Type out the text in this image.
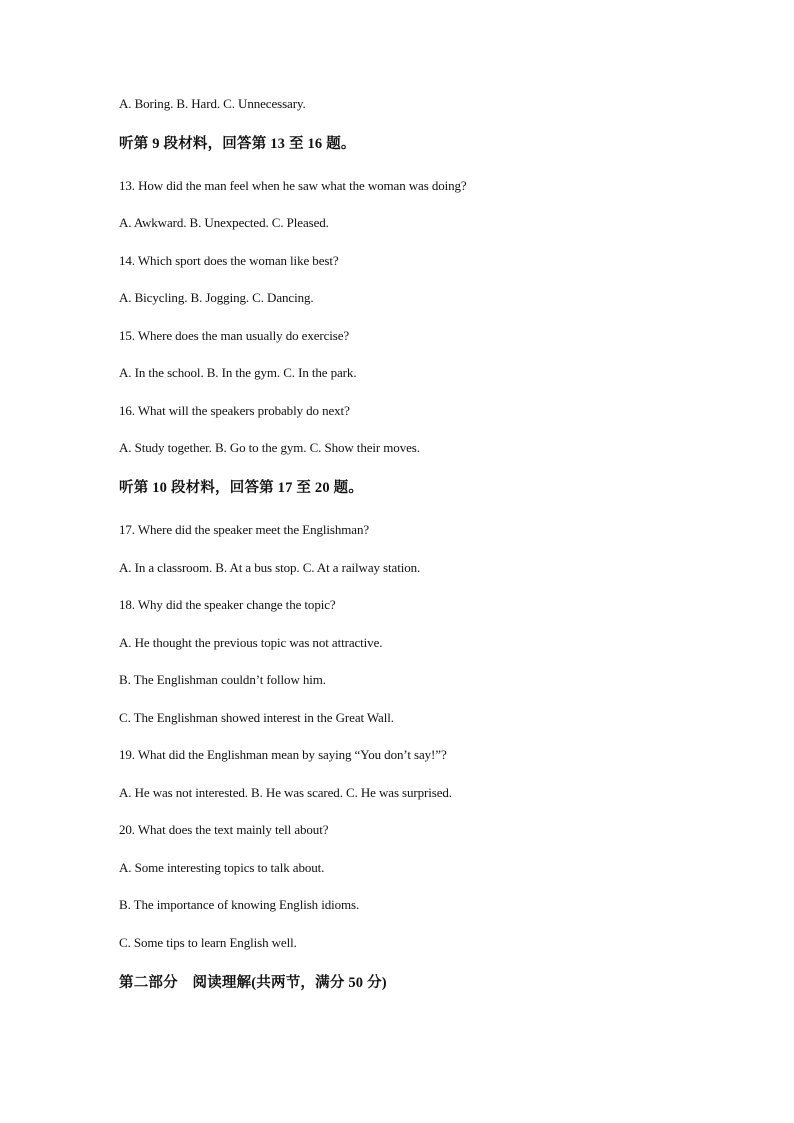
A. Boring. B. Hard. C. Unnecessary.
听第 9 段材料，回答第 13 至 16 题。
13. How did the man feel when he saw what the woman was doing?
A. Awkward. B. Unexpected. C. Pleased.
14. Which sport does the woman like best?
A. Bicycling. B. Jogging. C. Dancing.
15. Where does the man usually do exercise?
A. In the school. B. In the gym. C. In the park.
16. What will the speakers probably do next?
A. Study together. B. Go to the gym. C. Show their moves.
听第 10 段材料，回答第 17 至 20 题。
17. Where did the speaker meet the Englishman?
A. In a classroom. B. At a bus stop. C. At a railway station.
18. Why did the speaker change the topic?
A. He thought the previous topic was not attractive.
B. The Englishman couldn’t follow him.
C. The Englishman showed interest in the Great Wall.
19. What did the Englishman mean by saying “You don’t say!”?
A. He was not interested. B. He was scared. C. He was surprised.
20. What does the text mainly tell about?
A. Some interesting topics to talk about.
B. The importance of knowing English idioms.
C. Some tips to learn English well.
第二部分　阅读理解(共两节，满分 50 分)
